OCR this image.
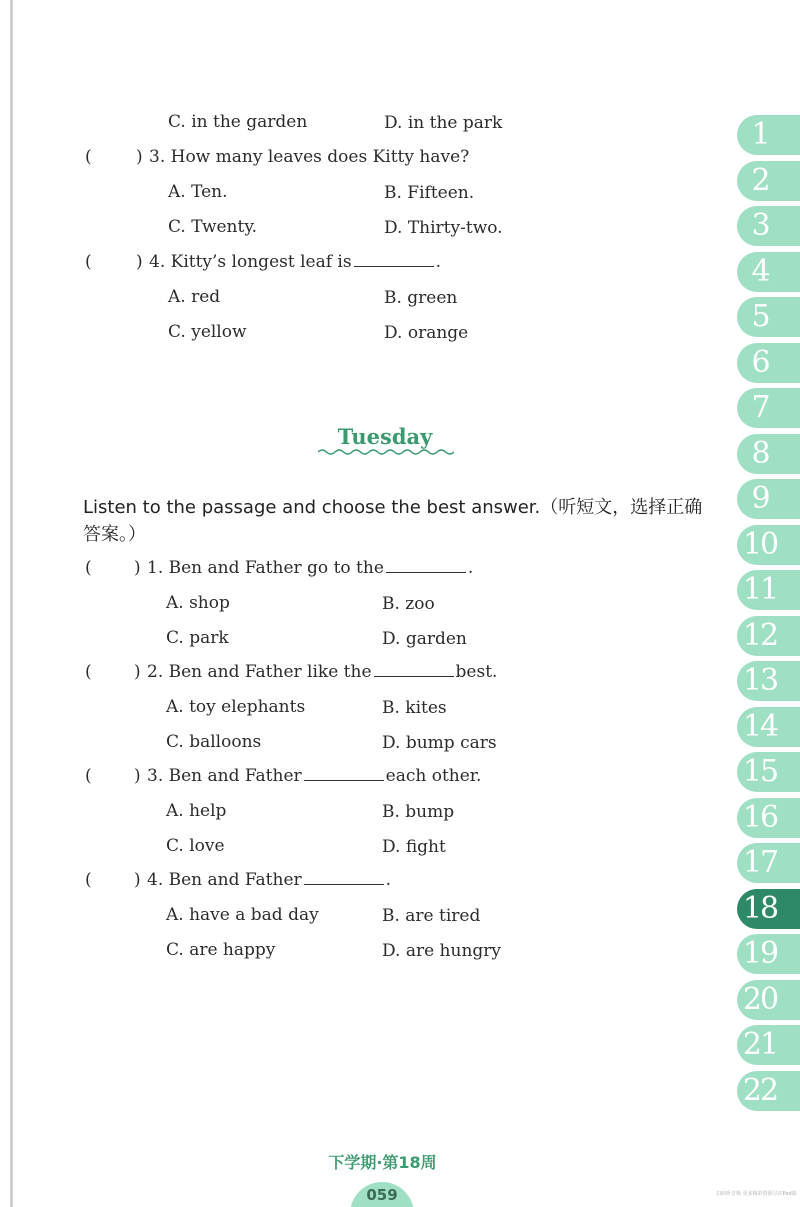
C. in the garden	D. in the park
(	) 3. How many leaves does Kitty have?
A. Ten.	B. Fifteen.
C. Twenty.	D. Thirty-two.
(	) 4. Kitty’s longest leaf is	.
A. red	B. green
C. yellow	D. orange
Tuesday
Listen to the passage and choose the best answer.（听短文，选择正确答案。）
( ) 1. Ben and Father go to the	.
A. shop	B. zoo
C. park	D. garden
( ) 2. Ben and Father like the	best.
A. toy elephants	B. kites
C. balloons	D. bump cars
( ) 3. Ben and Father	each other.
A. help	B. bump
C. love	D. fight
( ) 4. Ben and Father	.
A. have a bad day	B. are tired
C. are happy	D. are hungry
1
2
3
4
5
6
7
8
9
10
11
12
13
14
15
16
17
18
19
20
21
22
下学期·第18周
059	扫码听音频 更多精彩资源尽在Pad端
